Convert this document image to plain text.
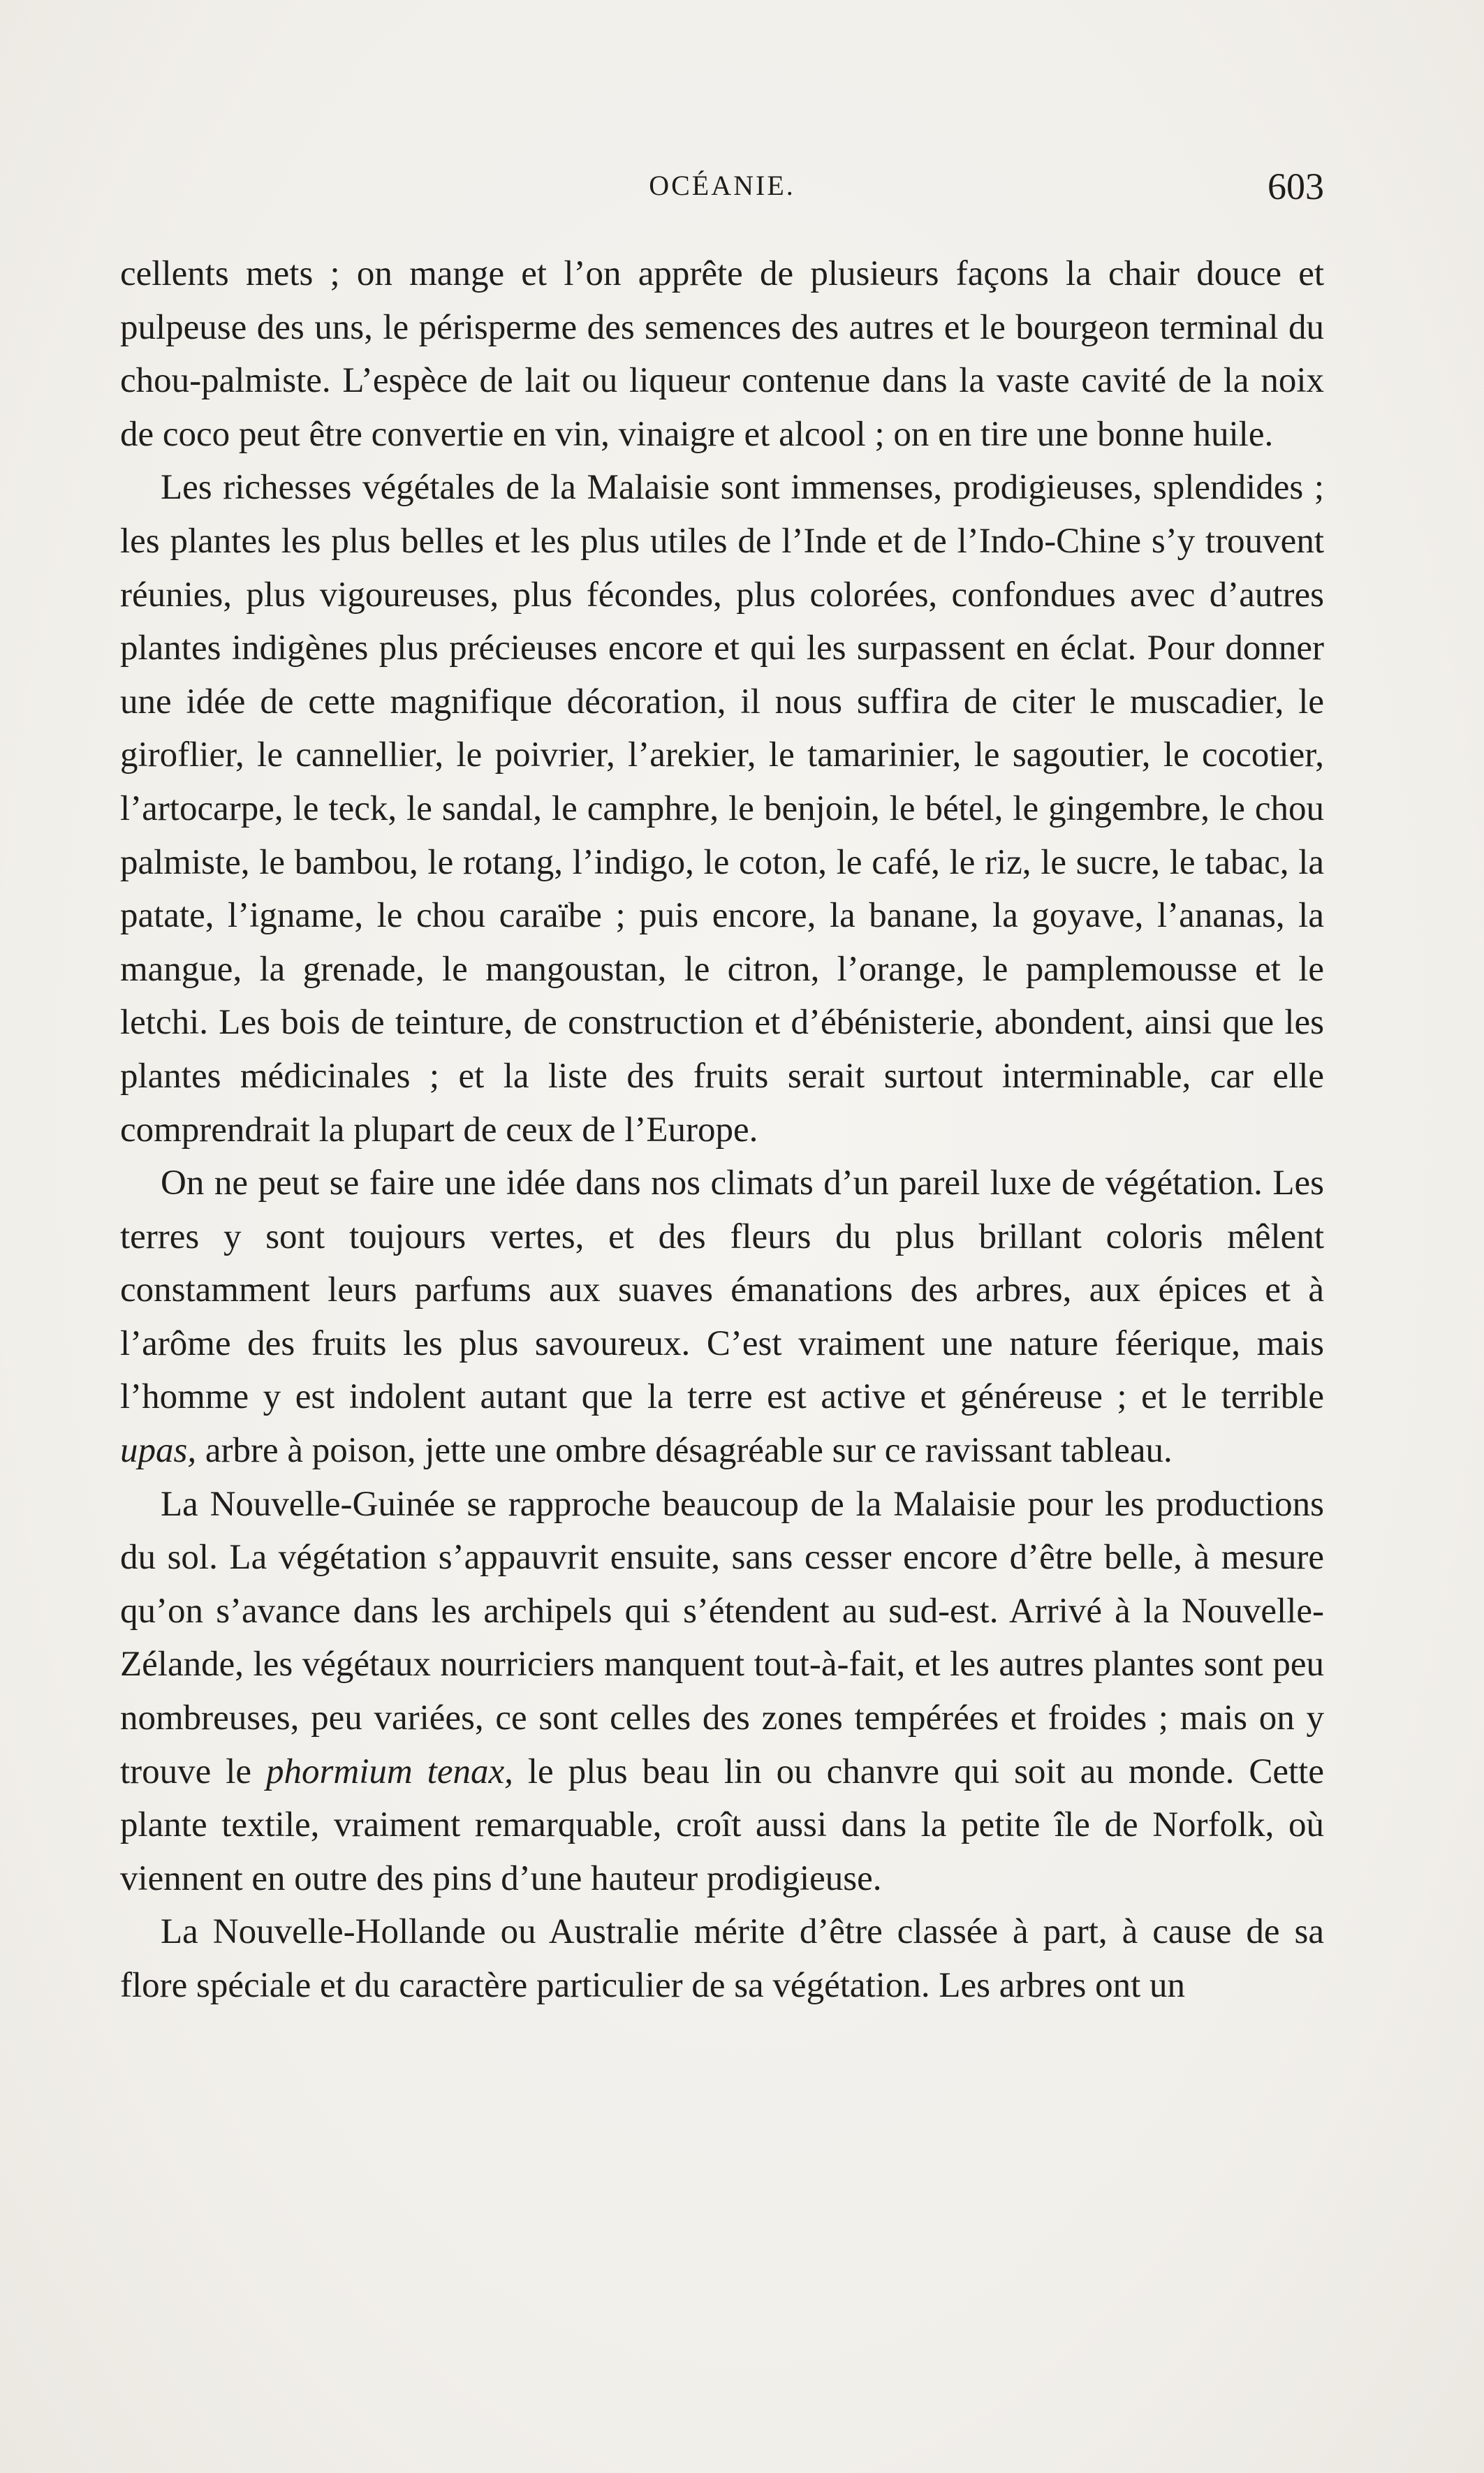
OCÉANIE.	603

cellents mets ; on mange et l’on apprête de plusieurs façons la chair douce et pulpeuse des uns, le périsperme des semences des autres et le bourgeon terminal du chou-palmiste. L’espèce de lait ou liqueur contenue dans la vaste cavité de la noix de coco peut être convertie en vin, vinaigre et alcool ; on en tire une bonne huile.

Les richesses végétales de la Malaisie sont immenses, prodigieuses, splendides ; les plantes les plus belles et les plus utiles de l’Inde et de l’Indo-Chine s’y trouvent réunies, plus vigoureuses, plus fécondes, plus colorées, confondues avec d’autres plantes indigènes plus précieuses encore et qui les surpassent en éclat. Pour donner une idée de cette magnifique décoration, il nous suffira de citer le muscadier, le giroflier, le cannellier, le poivrier, l’arekier, le tamarinier, le sagoutier, le cocotier, l’artocarpe, le teck, le sandal, le camphre, le benjoin, le bétel, le gingembre, le chou palmiste, le bambou, le rotang, l’indigo, le coton, le café, le riz, le sucre, le tabac, la patate, l’igname, le chou caraïbe ; puis encore, la banane, la goyave, l’ananas, la mangue, la grenade, le mangoustan, le citron, l’orange, le pamplemousse et le letchi. Les bois de teinture, de construction et d’ébénisterie, abondent, ainsi que les plantes médicinales ; et la liste des fruits serait surtout interminable, car elle comprendrait la plupart de ceux de l’Europe.

On ne peut se faire une idée dans nos climats d’un pareil luxe de végétation. Les terres y sont toujours vertes, et des fleurs du plus brillant coloris mêlent constamment leurs parfums aux suaves émanations des arbres, aux épices et à l’arôme des fruits les plus savoureux. C’est vraiment une nature féerique, mais l’homme y est indolent autant que la terre est active et généreuse ; et le terrible upas, arbre à poison, jette une ombre désagréable sur ce ravissant tableau.

La Nouvelle-Guinée se rapproche beaucoup de la Malaisie pour les productions du sol. La végétation s’appauvrit ensuite, sans cesser encore d’être belle, à mesure qu’on s’avance dans les archipels qui s’étendent au sud-est. Arrivé à la Nouvelle-Zélande, les végétaux nourriciers manquent tout-à-fait, et les autres plantes sont peu nombreuses, peu variées, ce sont celles des zones tempérées et froides ; mais on y trouve le phormium tenax, le plus beau lin ou chanvre qui soit au monde. Cette plante textile, vraiment remarquable, croît aussi dans la petite île de Norfolk, où viennent en outre des pins d’une hauteur prodigieuse.

La Nouvelle-Hollande ou Australie mérite d’être classée à part, à cause de sa flore spéciale et du caractère particulier de sa végétation. Les arbres ont un
